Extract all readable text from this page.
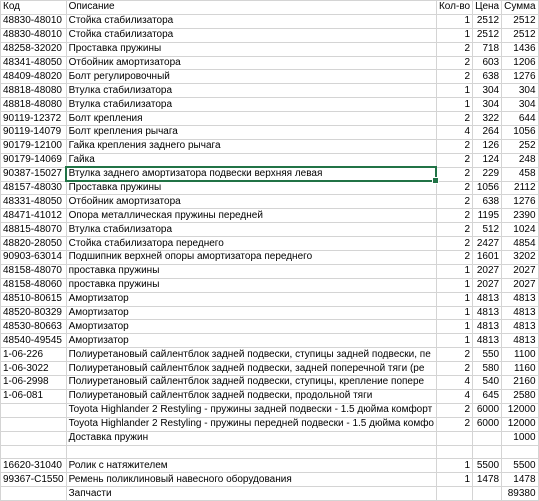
Код	Описание	Кол-во	Цена	Сумма
48830-48010	Стойка стабилизатора	1	2512	2512
48830-48010	Стойка стабилизатора	1	2512	2512
48258-32020	Проставка пружины	2	718	1436
48341-48050	Отбойник амортизатора	2	603	1206
48409-48020	Болт регулировочный	2	638	1276
48818-48080	Втулка стабилизатора	1	304	304
48818-48080	Втулка стабилизатора	1	304	304
90119-12372	Болт крепления	2	322	644
90119-14079	Болт крепления рычага	4	264	1056
90179-12100	Гайка крепления заднего рычага	2	126	252
90179-14069	Гайка	2	124	248
90387-15027	Втулка заднего амортизатора подвески верхняя левая	2	229	458
48157-48030	Проставка пружины	2	1056	2112
48331-48050	Отбойник амортизатора	2	638	1276
48471-41012	Опора металлическая пружины передней	2	1195	2390
48815-48070	Втулка стабилизатора	2	512	1024
48820-28050	Стойка стабилизатора переднего	2	2427	4854
90903-63014	Подшипник верхней опоры амортизатора переднего	2	1601	3202
48158-48070	проставка пружины	1	2027	2027
48158-48060	проставка пружины	1	2027	2027
48510-80615	Амортизатор	1	4813	4813
48520-80329	Амортизатор	1	4813	4813
48530-80663	Амортизатор	1	4813	4813
48540-49545	Амортизатор	1	4813	4813
1-06-226	Полиуретановый сайлентблок задней подвески, ступицы задней подвески, пе	2	550	1100
1-06-3022	Полиуретановый сайлентблок задней подвески, задней поперечной тяги (ре	2	580	1160
1-06-2998	Полиуретановый сайлентблок задней подвески, ступицы, крепление попере	4	540	2160
1-06-081	Полиуретановый сайлентблок задней подвески, продольной тяги	4	645	2580
	Toyota Highlander 2 Restyling - пружины задней подвески - 1.5 дюйма комфорт	2	6000	12000
	Toyota Highlander 2 Restyling - пружины передней подвески - 1.5 дюйма комфо	2	6000	12000
	Доставка пружин			1000

16620-31040	Ролик с натяжителем	1	5500	5500
99367-C1550	Ремень поликлиновый навесного оборудования	1	1478	1478
	Запчасти			89380
